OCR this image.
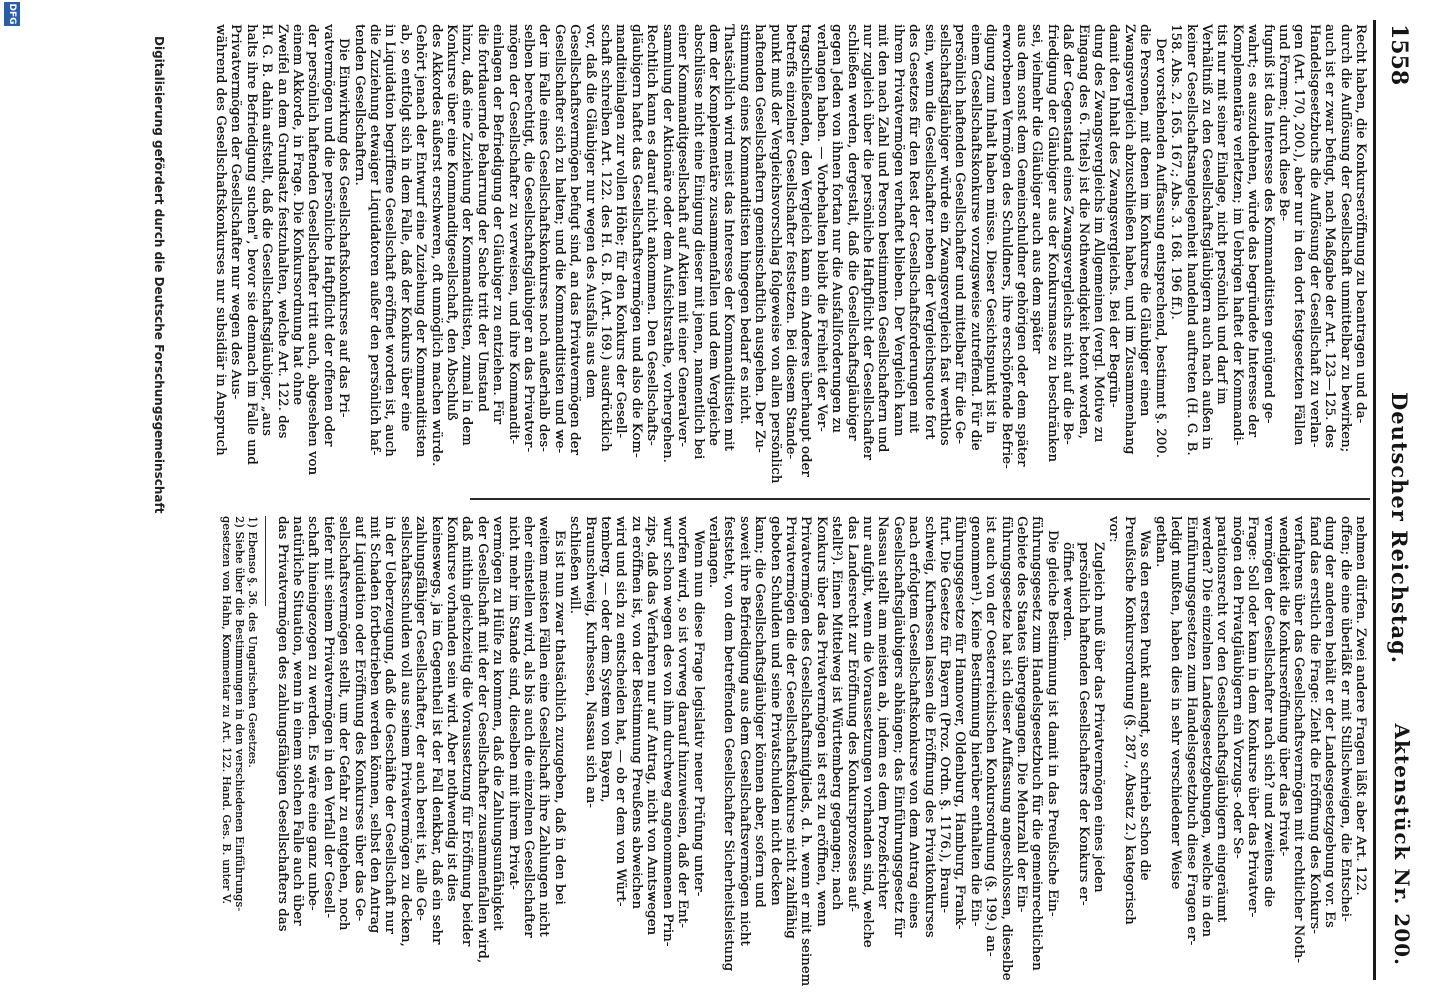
1558
Deutscher Reichstag.
Aktenstück Nr. 200.
Recht haben, die Konkurseröffnung zu beantragen und da-
durch die Auflösung der Gesellschaft unmittelbar zu bewirken;
auch ist er zwar befugt, nach Maßgabe der Art. 123—125. des
Handelsgesetzbuchs die Auflösung der Gesellschaft zu verlan-
gen (Art. 170, 200.), aber nur in den dort festgesetzten Fällen
und Formen; durch diese Be-
fugniß ist das Interesse des Kommanditisten genügend ge-
wahrt; es auszudehnen, würde das begründete Interesse der
Komplementäre verletzen; im Uebrigen haftet der Kommandi-
tist nur mit seiner Einlage, nicht persönlich und darf im
Verhältniß zu den Gesellschaftsgläubigern auch nach außen in
keiner Gesellschaftsangelegenheit handelnd auftreten (H. G. B.
158. Abs. 2. 165. 167.; Abs. 3. 168. 196 ff.).
Der vorstehenden Auffassung entsprechend, bestimmt §. 200.
die Personen, mit denen im Konkurse die Gläubiger einen
Zwangsvergleich abzuschließen haben, und im Zusammenhang
damit den Inhalt des Zwangsvergleichs. Bei der Begrün-
dung des Zwangsvergleichs im Allgemeinen (vergl. Motive zu
Eingang des 6. Titels) ist die Nothwendigkeit betont worden,
daß der Gegenstand eines Zwangsvergleichs nicht auf die Be-
friedigung der Gläubiger aus der Konkursmasse zu beschränken
sei, vielmehr die Gläubiger auch aus dem später
aus dem sonst dem Gemeinschuldner gehörigen oder dem später
erworbenen Vermögen des Schuldners, ihre erschöpfende Befrie-
digung zum Inhalt haben müsse. Dieser Gesichtspunkt ist in
einem Gesellschaftskonkurse vorzugsweise zutreffend. Für die
persönlich haftenden Gesellschafter und mittelbar für die Ge-
sellschaftsgläubiger würde ein Zwangsvergleich fast werthlos
sein, wenn die Gesellschafter neben der Vergleichsquote fort
des Gesetzes für den Rest der Gesellschaftsforderungen mit
ihrem Privatvermögen verhaftet blieben. Der Vergleich kann
mit den nach Zahl und Person bestimmten Gesellschaftern und
nur zugleich über die persönliche Haftpflicht der Gesellschafter
schließen werden, dergestalt, daß die Gesellschaftsgläubiger
gegen Jeden von ihnen fortan nur die Ausfallforderungen zu
verlangen haben. — Vorbehalten bleibt die Freiheit der Ver-
tragschließenden, den Vergleich kann ein Anderes überhaupt oder
betreffs einzelner Gesellschafter festsetzen. Bei diesem Stande-
punkt muß der Vergleichsvorschlag folgeweise von allen persönlich
haftenden Gesellschaftern gemeinschaftlich ausgehen. Der Zu-
stimmung eines Kommanditisten hingegen bedarf es nicht.
Thatsächlich wird meist das Interesse der Kommanditisten mit
dem der Komplementäre zusammenfallen und dem Vergleiche
abschlüsse nicht eine Einigung dieser mit jenen, namentlich bei
einer Kommanditgesellschaft auf Aktien mit einer Generalver-
sammlung der Aktionäre oder dem Aufsichtsrathe, vorhergehen.
Rechtlich kann es darauf nicht ankommen. Den Gesellschafts-
gläubigern haftet das Gesellschaftsvermögen und also die Kom-
manditeinlagen zur vollen Höhe; für den Konkurs der Gesell-
schaft schreiben Art. 122. des H. G. B. (Art. 169.) ausdrücklich
vor, daß die Gläubiger nur wegen des Ausfalls aus dem
Gesellschaftsvermögen befugt sind, an das Privatvermögen der
Gesellschafter sich zu halten; und die Kommanditisten und we-
der im Falle eines Gesellschaftskonkurses noch außerhalb des-
selben berechtigt, die Gesellschaftsgläubiger an das Privatver-
mögen der Gesellschafter zu verweisen, und ihre Kommandit-
einlagen der Befriedigung der Gläubiger zu entziehen. Für
die fortdauernde Beharrung der Sache tritt der Umstand
hinzu, daß eine Zuziehung der Kommanditisten, zumal in dem
Konkurse über eine Kommanditgesellschaft, den Abschluß
des Akkordes äußerst erschweren, oft unmöglich machen würde.
Gehört jenach der Entwurf eine Zuziehung der Kommanditisten
ab, so entfolgt sich in dem Falle, daß der Konkurs über eine
in Liquidation begriffene Gesellschaft eröffnet worden ist, auch
die Zuziehung etwaiger Liquidatoren außer den persönlich haf-
tenden Gesellschaftern.
Die Einwirkung des Gesellschaftskonkurses auf das Pri-
vatvermögen und die persönliche Haftpflicht der offenen oder
der persönlich haftenden Gesellschafter tritt auch, abgesehen von
einem Akkorde, in Frage. Die Konkursordnung hat ohne
Zweifel an dem Grundsatz festzuhalten, welche Art. 122. des
H. G. B. dahin aufstellt, daß die Gesellschaftsgläubiger, „aus
halts ihre Befriedigung suchen", bevor sie demnach im Falle und
Privatvermögen der Gesellschafter nur wegen des Aus-
während des Gesellschaftskonkurses nur subsidiär in Anspruch
nehmen dürfen. Zwei andere Fragen läßt aber Art. 122.
offen; die eine überläßt er mit Stillschweigen, die Entschei-
dung der anderen behält er der Landesgesetzgebung vor. Es
fand das erstlich die Frage: Zieht die Eröffnung des Konkurs-
verfahrens über das Gesellschaftsvermögen mit rechtlicher Noth-
wendigkeit die Konkurseröffnung über das Privat-
vermögen der Gesellschafter nach sich? und zweitens die
Frage: Soll oder kann in dem Konkurse über das Privatver-
mögen den Privatgläubigern ein Vorzugs- oder Se-
parationsrecht vor den Gesellschaftsgläubigern eingeräumt
werden? Die einzelnen Landesgesetzgebungen, welche in den
Einführungsgesetzen zum Handelsgesetzbuch diese Fragen er-
ledigt mußten, haben dies in sehr verschiedener Weise
gethan.
Was den ersten Punkt anlangt, so schrieb schon die
Preußische Konkursordnung (§. 287., Absatz 2.) kategorisch
vor:
Zugleich muß über das Privatvermögen eines jeden
persönlich haftenden Gesellschafters der Konkurs er-
öffnet werden.
Die gleiche Bestimmung ist damit in das Preußische Ein-
führungsgesetz zum Handelsgesetzbuch für die gemeinrechtlichen
Gebiete des Staates übergegangen. Die Mehrzahl der Ein-
führungsgesetze hat sich dieser Auffassung angeschlossen, dieselbe
ist auch von der Oesterreichischen Konkursordnung (§. 199.) an-
genommen¹). Keine Bestimmung hierüber enthalten die Ein-
führungsgesetze für Hannover, Oldenburg, Hamburg, Frank-
furt. Die Gesetze für Bayern (Proz. Ordn. §. 1176.), Braun-
schweig, Kurhessen lassen die Eröffnung des Privatkonkurses
nach erfolgtem Gesellschaftskonkurse von dem Antrag eines
Gesellschaftsgläubigers abhängen; das Einführungsgesetz für
Nassau stellt am meisten ab, indem es dem Prozeßrichter
nur aufgibt, wenn die Voraussetzungen vorhanden sind, welche
das Landesrecht zur Eröffnung des Konkursprozesses auf-
stellt²). Einen Mittelweg ist Württemberg gegangen; nach
Konkurs über das Privatvermögen ist erst zu eröffnen, wenn
Privatvermögen des Gesellschaftsmitglieds, d. h. wenn er mit seinem
Privatvermögen die der Gesellschaftskonkurse nicht zahlfähig
geboten Schulden und seine Privatschulden nicht decken
kann; die Gesellschaftsgläubiger können aber, sofern und
soweit ihre Befriedigung aus dem Gesellschaftsvermögen nicht
feststeht, von dem betreffenden Gesellschafter Sicherheitsleistung
verlangen.
Wenn nun diese Frage legislativ neuer Prüfung unter-
worfen wird, so ist vorweg darauf hinzuweisen, daß der Ent-
wurf schon wegen des von ihm durchweg angenommenen Prin-
zips, daß das Verfahren nur auf Antrag, nicht von Amtswegen
zu eröffnen ist, von der Bestimmung Preußens abweichen
wird und sich zu entscheiden hat, — ob er dem von Würt-
temberg, — oder dem System von Bayern,
Braunschweig, Kurhessen, Nassau sich an-
schließen will.
Es ist nun zwar thatsächlich zuzugeben, daß in den bei
weitem meisten Fällen eine Gesellschaft ihre Zahlungen nicht
eher einstellen wird, als bis auch die einzelnen Gesellschafter
nicht mehr im Stande sind, dieselben mit ihrem Privat-
vermögen zu Hülfe zu kommen, daß die Zahlungsunfähigkeit
der Gesellschaft mit der der Gesellschafter zusammenfallen wird,
daß mithin gleichzeitig die Voraussetzung für Eröffnung beider
Konkurse vorhanden sein wird. Aber nothwendig ist dies
keineswegs, ja im Gegentheil ist der Fall denkbar, daß ein sehr
zahlungsfähiger Gesellschafter, der auch bereit ist, alle Ge-
sellschaftsschulden voll aus seinem Privatvermögen zu decken,
in der Ueberzeugung, daß die Geschäfte der Gesellschaft nur
mit Schaden fortbetrieben werden können, selbst den Antrag
auf Liquidation oder Eröffnung des Konkurses über das Ge-
sellschaftsvermögen stellt, um der Gefahr zu entgehen, noch
tiefer mit seinem Privatvermögen in den Verfall der Gesell-
schaft hineingezogen zu werden. Es wäre eine ganz unbe-
natürliche Situation, wenn in einem solchen Falle auch über
das Privatvermögen des zahlungsfähigen Gesellschafters das
1) Ebenso §. 36. des Ungarischen Gesetzes.
2) Siehe über die Bestimmungen in den verschiedenen Einführungs-
gesetzen von Hahn, Kommentar zu Art. 122. Hand. Ges. B. unter V.
Digitalisierung gefördert durch die Deutsche Forschungsgemeinschaft
DFG
